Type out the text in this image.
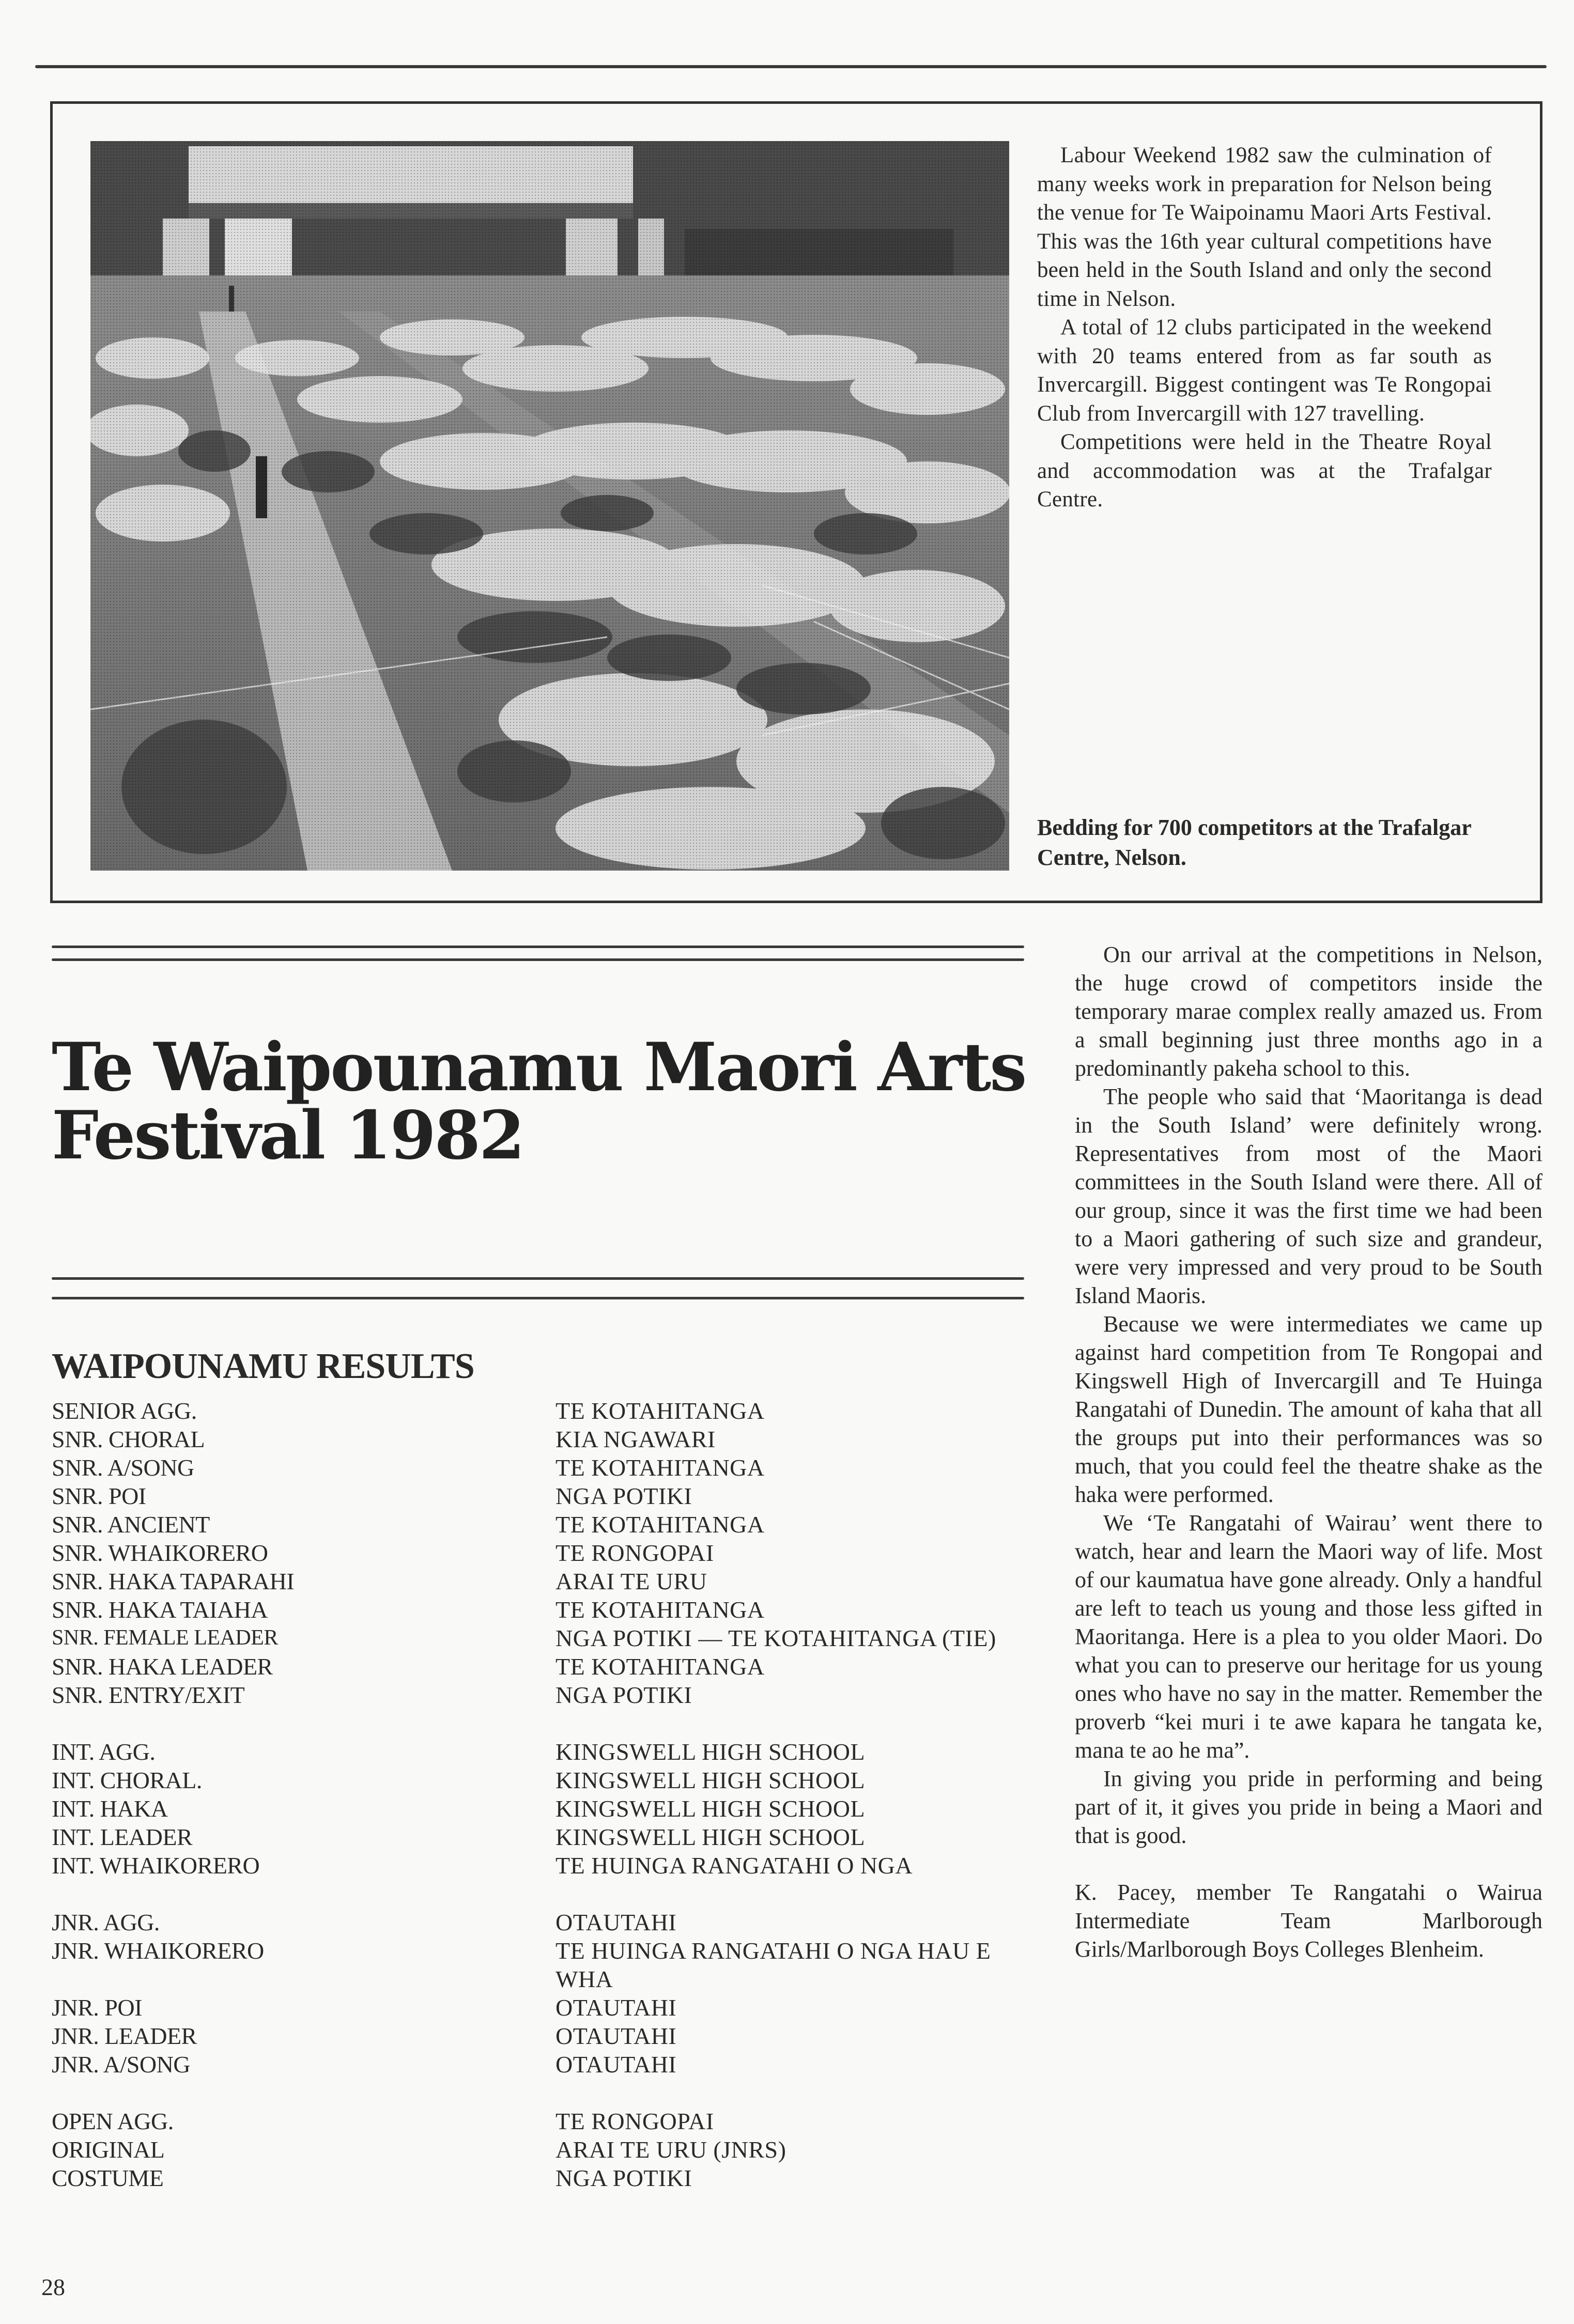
Labour Weekend 1982 saw the culmination of many weeks work in preparation for Nelson being the venue for Te Waipoinamu Maori Arts Festival. This was the 16th year cultural competitions have been held in the South Island and only the second time in Nelson.

A total of 12 clubs participated in the weekend with 20 teams entered from as far south as Invercargill. Biggest contingent was Te Rongopai Club from Invercargill with 127 travelling.

Competitions were held in the Theatre Royal and accommodation was at the Trafalgar Centre.

Bedding for 700 competitors at the Trafalgar Centre, Nelson.
Te Waipounamu Maori Arts Festival 1982
WAIPOUNAMU RESULTS
SENIOR AGG.	TE KOTAHITANGA
SNR. CHORAL	KIA NGAWARI
SNR. A/SONG	TE KOTAHITANGA
SNR. POI	NGA POTIKI
SNR. ANCIENT	TE KOTAHITANGA
SNR. WHAIKORERO	TE RONGOPAI
SNR. HAKA TAPARAHI	ARAI TE URU
SNR. HAKA TAIAHA	TE KOTAHITANGA
SNR. FEMALE LEADER	NGA POTIKI — TE KOTAHITANGA (TIE)
SNR. HAKA LEADER	TE KOTAHITANGA
SNR. ENTRY/EXIT	NGA POTIKI
INT. AGG.	KINGSWELL HIGH SCHOOL
INT. CHORAL.	KINGSWELL HIGH SCHOOL
INT. HAKA	KINGSWELL HIGH SCHOOL
INT. LEADER	KINGSWELL HIGH SCHOOL
INT. WHAIKORERO	TE HUINGA RANGATAHI O NGA
JNR. AGG.	OTAUTAHI
JNR. WHAIKORERO	TE HUINGA RANGATAHI O NGA HAU E WHA
JNR. POI	OTAUTAHI
JNR. LEADER	OTAUTAHI
JNR. A/SONG	OTAUTAHI
OPEN AGG.	TE RONGOPAI
ORIGINAL	ARAI TE URU (JNRS)
COSTUME	NGA POTIKI

On our arrival at the competitions in Nelson, the huge crowd of competitors inside the temporary marae complex really amazed us. From a small beginning just three months ago in a predominantly pakeha school to this.

The people who said that ‘Maoritanga is dead in the South Island’ were definitely wrong. Representatives from most of the Maori committees in the South Island were there. All of our group, since it was the first time we had been to a Maori gathering of such size and grandeur, were very impressed and very proud to be South Island Maoris.

Because we were intermediates we came up against hard competition from Te Rongopai and Kingswell High of Invercargill and Te Huinga Rangatahi of Dunedin. The amount of kaha that all the groups put into their performances was so much, that you could feel the theatre shake as the haka were performed.

We ‘Te Rangatahi of Wairau’ went there to watch, hear and learn the Maori way of life. Most of our kaumatua have gone already. Only a handful are left to teach us young and those less gifted in Maoritanga. Here is a plea to you older Maori. Do what you can to preserve our heritage for us young ones who have no say in the matter. Remember the proverb “kei muri i te awe kapara he tangata ke, mana te ao he ma”.

In giving you pride in performing and being part of it, it gives you pride in being a Maori and that is good.

K. Pacey, member Te Rangatahi o Wairua Intermediate Team Marlborough Girls/Marlborough Boys Colleges Blenheim.

28
